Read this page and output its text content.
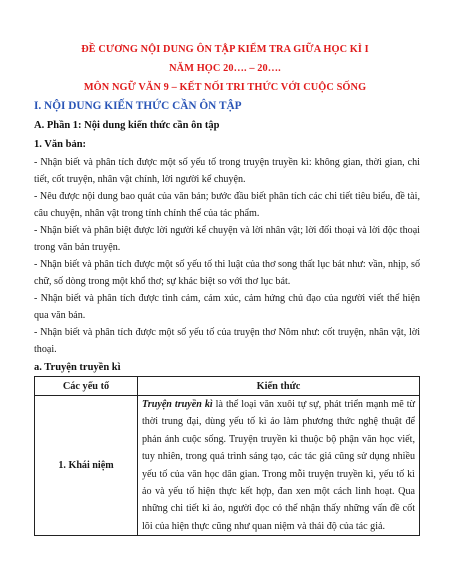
ĐỀ CƯƠNG NỘI DUNG ÔN TẬP KIỂM TRA GIỮA HỌC KÌ I
NĂM HỌC 20…. – 20….
MÔN NGỮ VĂN 9 – KẾT NỐI TRI THỨC VỚI CUỘC SỐNG
I. NỘI DUNG KIẾN THỨC CẦN ÔN TẬP
A. Phần 1: Nội dung kiến thức cần ôn tập
1. Văn bản:
- Nhận biết và phân tích được một số yếu tố trong truyện truyền kì: không gian, thời gian, chi tiết, cốt truyện, nhân vật chính, lời người kể chuyện.
- Nêu được nội dung bao quát của văn bản; bước đầu biết phân tích các chi tiết tiêu biểu, đề tài, câu chuyện, nhân vật trong tính chỉnh thể của tác phẩm.
- Nhận biết và phân biệt được lời người kể chuyện và lời nhân vật; lời đối thoại và lời độc thoại trong văn bản truyện.
- Nhận biết và phân tích được một số yếu tố thi luật của thơ song thất lục bát như: vần, nhịp, số chữ, số dòng trong một khổ thơ; sự khác biệt so với thơ lục bát.
- Nhận biết và phân tích được tình cảm, cảm xúc, cảm hứng chủ đạo của người viết thể hiện qua văn bản.
- Nhận biết và phân tích được một số yếu tố của truyện thơ Nôm như: cốt truyện, nhân vật, lời thoại.
a. Truyện truyền kì
Các yếu tố	Kiến thức
1. Khái niệm	Truyện truyền kì là thể loại văn xuôi tự sự, phát triển mạnh mẽ từ thời trung đại, dùng yếu tố kì ảo làm phương thức nghệ thuật để phản ánh cuộc sống. Truyện truyền kì thuộc bộ phận văn học viết, tuy nhiên, trong quá trình sáng tạo, các tác giả cũng sử dụng nhiều yếu tố của văn học dân gian. Trong mỗi truyện truyền kì, yếu tố kì ảo và yếu tố hiện thực kết hợp, đan xen một cách linh hoạt. Qua những chi tiết kì ảo, người đọc có thể nhận thấy những vấn đề cốt lõi của hiện thực cũng như quan niệm và thái độ của tác giả.
